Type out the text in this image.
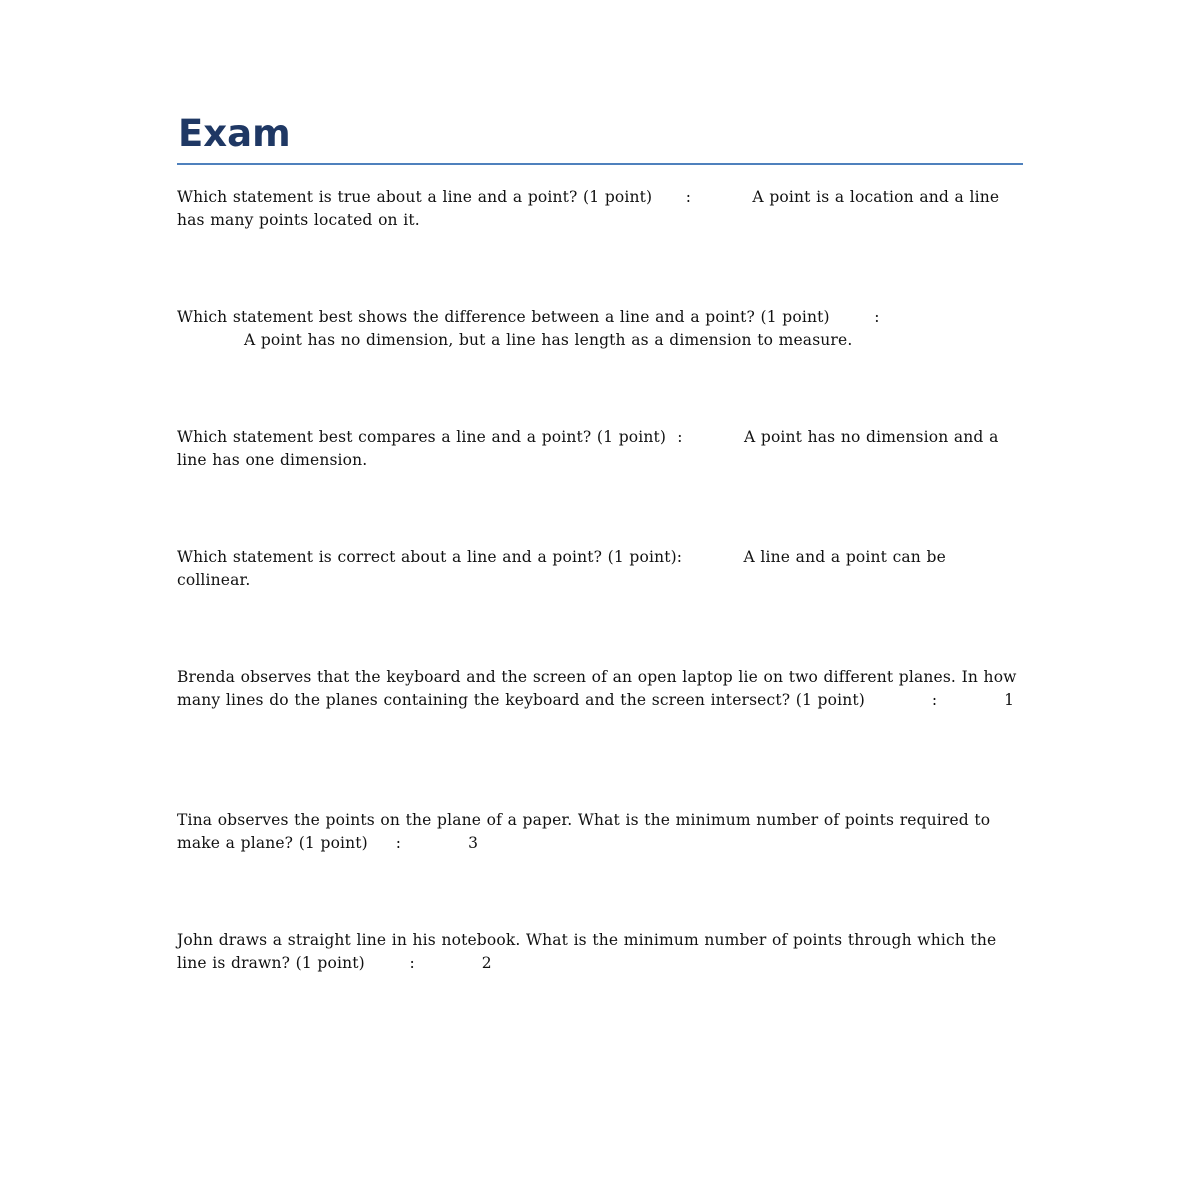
Exam
Which statement is true about a line and a point? (1 point) :	A point is a location and a line has many points located on it.
Which statement best shows the difference between a line and a point? (1 point)	:
A point has no dimension, but a line has length as a dimension to measure.
Which statement best compares a line and a point? (1 point) :	A point has no dimension and a line has one dimension.
Which statement is correct about a line and a point? (1 point):	A line and a point can be collinear.
Brenda observes that the keyboard and the screen of an open laptop lie on two different planes. In how many lines do the planes containing the keyboard and the screen intersect? (1 point)	:	1
Tina observes the points on the plane of a paper. What is the minimum number of points required to make a plane? (1 point) :	3
John draws a straight line in his notebook. What is the minimum number of points through which the line is drawn? (1 point)	:	2
